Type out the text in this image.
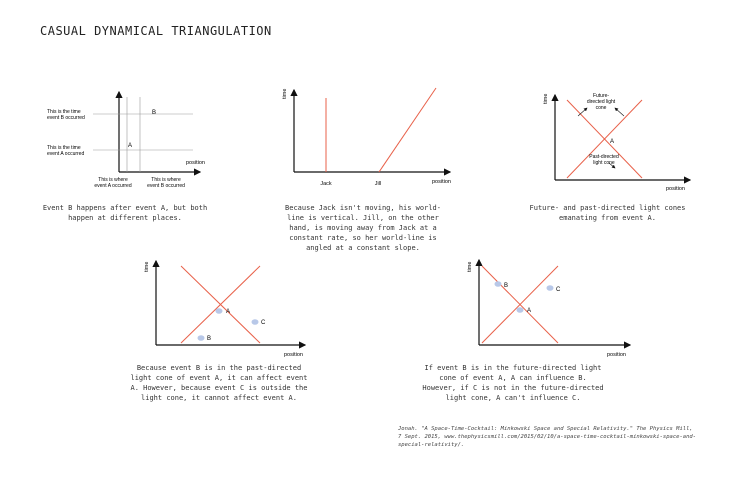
CASUAL DYNAMICAL TRIANGULATION
This is the time
event B occurred
This is the time
event A occurred
B
A
This is where
event A occurred
This is where
event B occurred
position
time
position
Jack	Jill
time
position
Future-
directed light
cone
Past-directed
light cone
A
time
position
A
B
C
time
position
A
B
C
Event B happens after event A, but both happen at different places.
Because Jack isn't moving, his world-line is vertical. Jill, on the other hand, is moving away from Jack at a constant rate, so her world-line is angled at a constant slope.
Future- and past-directed light cones emanating from event A.
Because event B is in the past-directed light cone of event A, it can affect event A. However, because event C is outside the light cone, it cannot affect event A.
If event B is in the future-directed light cone of event A, A can influence B. However, if C is not in the future-directed light cone, A can't influence C.
Jonah. "A Space-Time-Cocktail: Minkowski Space and Special Relativity." The Physics Mill, 7 Sept. 2015, www.thephysicsmill.com/2015/02/10/a-space-time-cocktail-minkowski-space-and-special-relativity/.
